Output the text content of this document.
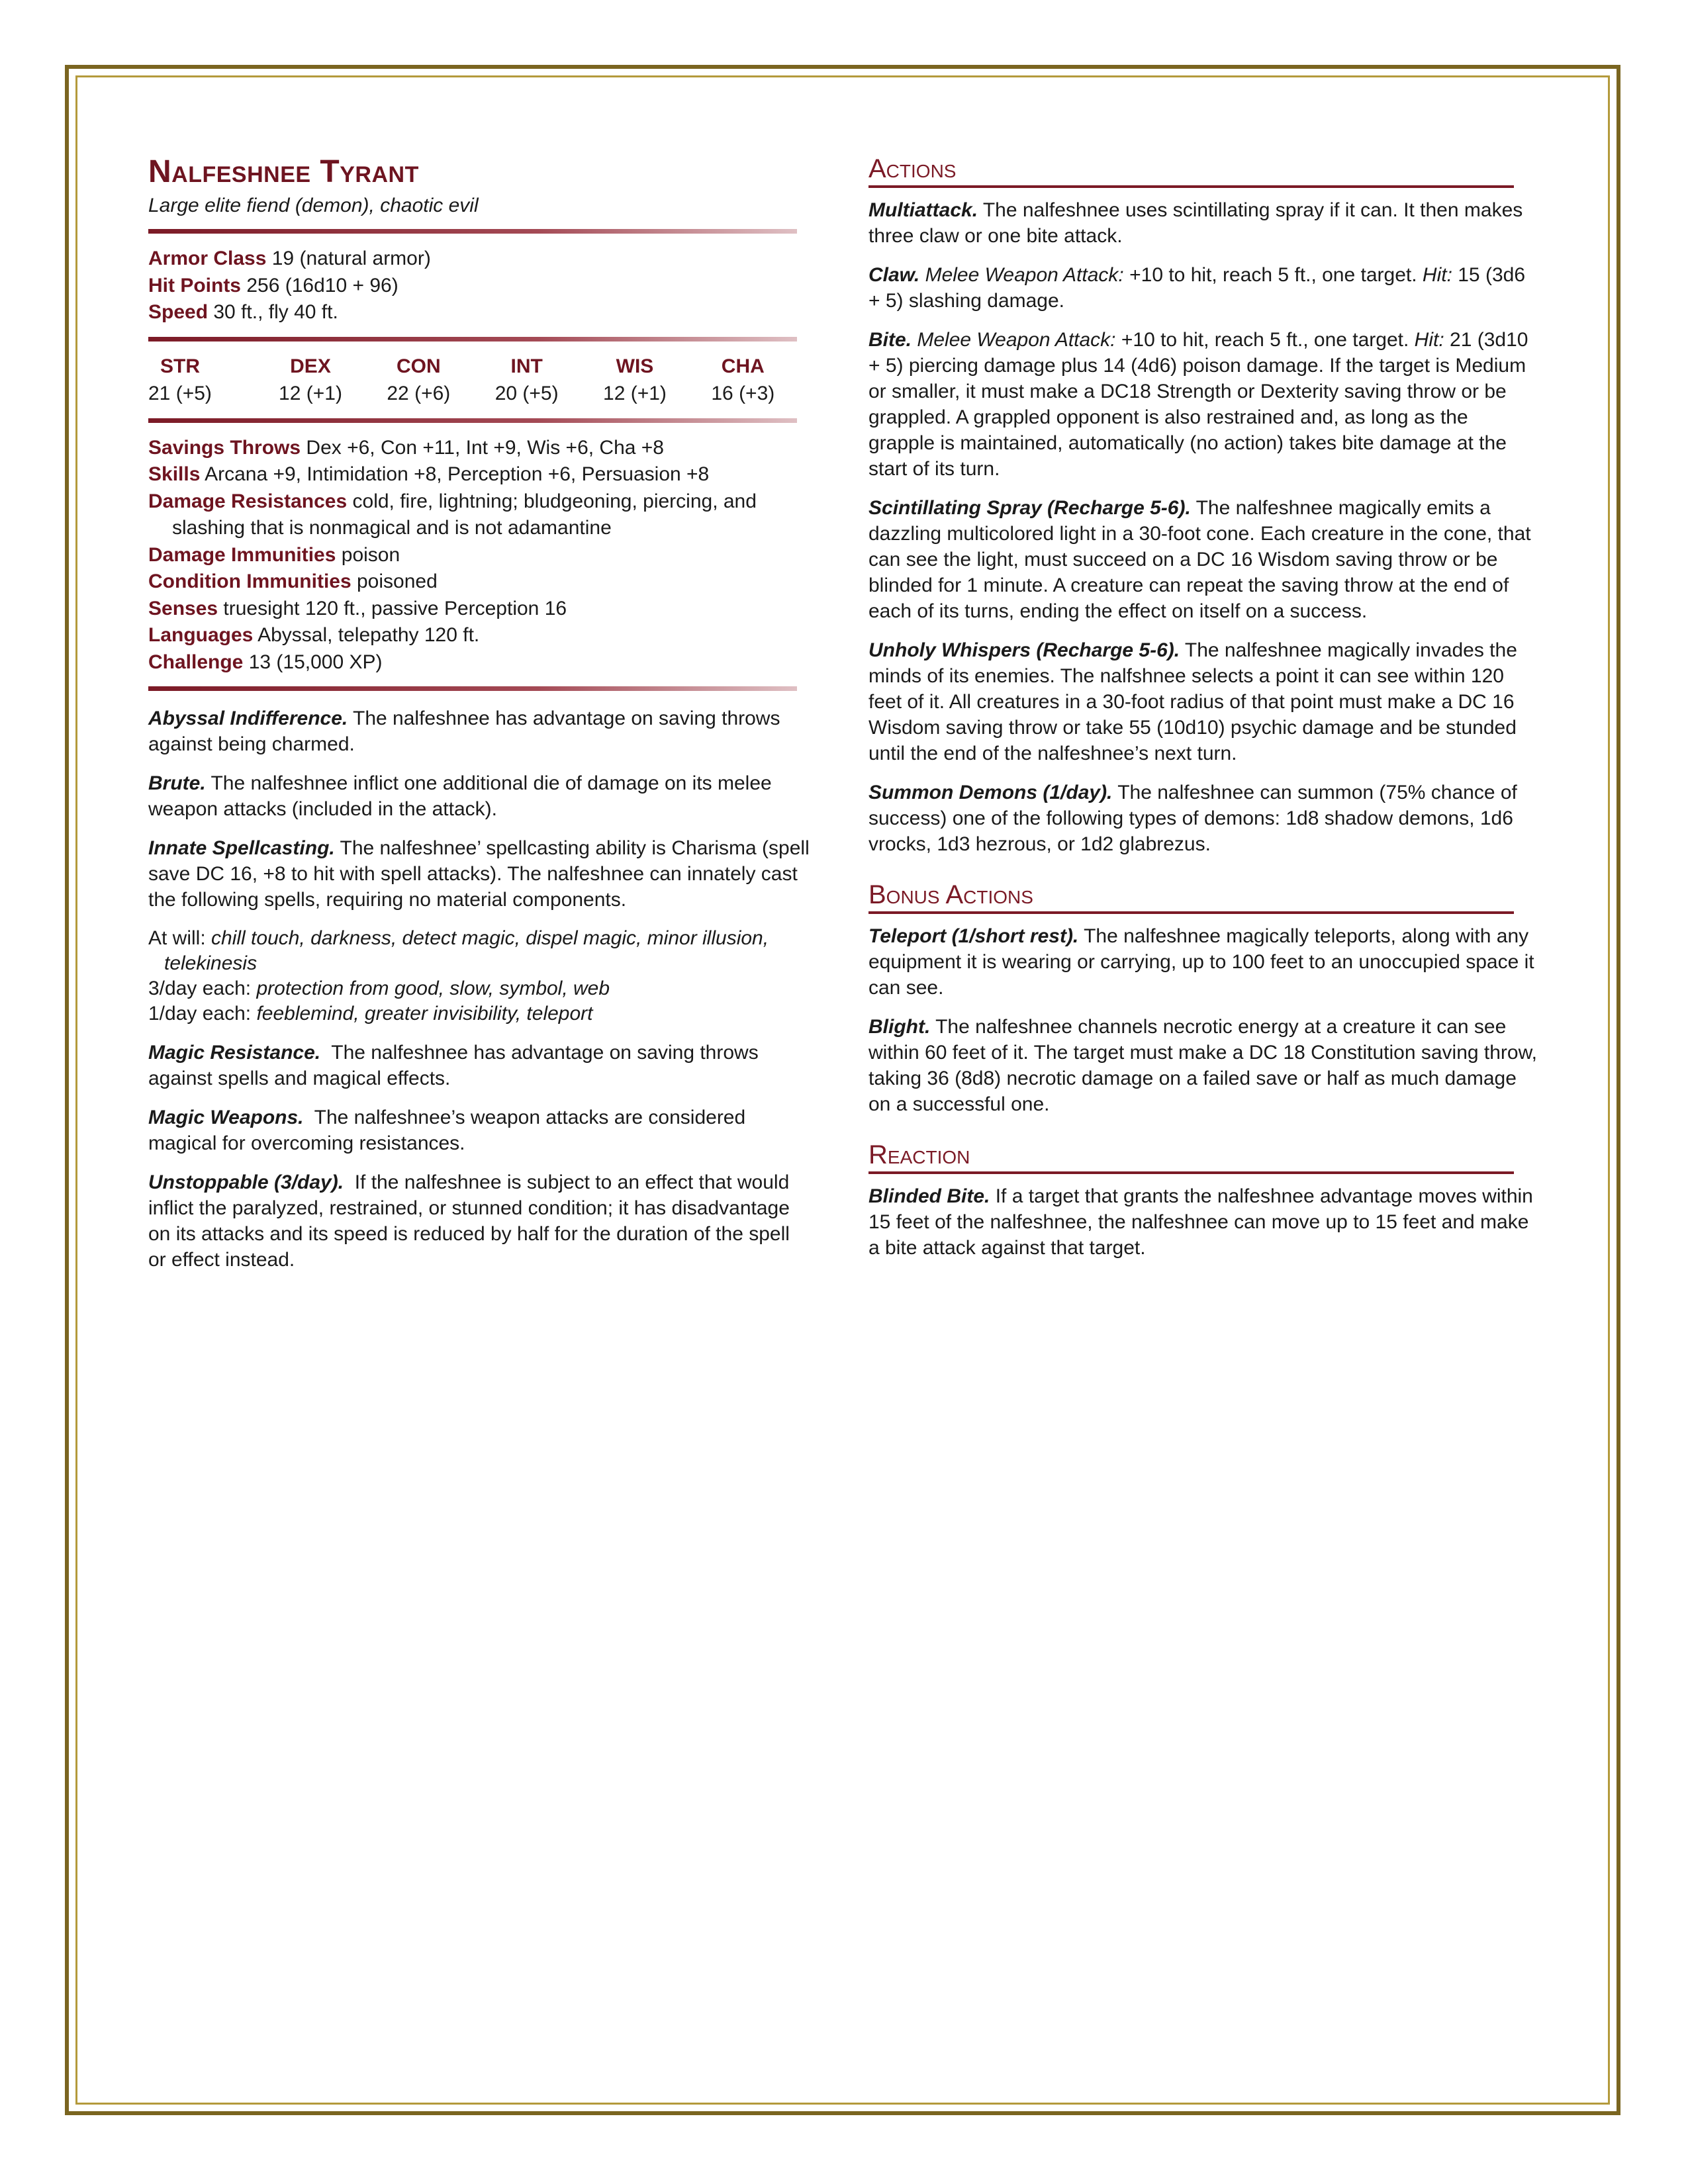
Nalfeshnee Tyrant

Large elite fiend (demon), chaotic evil

Armor Class 19 (natural armor)

Hit Points 256 (16d10 + 96)

Speed 30 ft., fly 40 ft.

STR
21 (+5)
DEX
12 (+1)
CON
22 (+6)
INT
20 (+5)
WIS
12 (+1)
CHA
16 (+3)

Savings Throws Dex +6, Con +11, Int +9, Wis +6, Cha +8

Skills Arcana +9, Intimidation +8, Perception +6, Persuasion +8

Damage Resistances cold, fire, lightning; bludgeoning, piercing, and slashing that is nonmagical and is not adamantine

Damage Immunities poison

Condition Immunities poisoned

Senses truesight 120 ft., passive Perception 16

Languages Abyssal, telepathy 120 ft.

Challenge 13 (15,000 XP)

Abyssal Indifference. The nalfeshnee has advantage on saving throws against being charmed.

Brute. The nalfeshnee inflict one additional die of damage on its melee weapon attacks (included in the attack).

Innate Spellcasting. The nalfeshnee’ spellcasting ability is Charisma (spell save DC 16, +8 to hit with spell attacks). The nalfeshnee can innately cast the following spells, requiring no material components.

At will: chill touch, darkness, detect magic, dispel magic, minor illusion, telekinesis

3/day each: protection from good, slow, symbol, web

1/day each: feeblemind, greater invisibility, teleport

Magic Resistance. The nalfeshnee has advantage on saving throws against spells and magical effects.

Magic Weapons. The nalfeshnee’s weapon attacks are considered magical for overcoming resistances.

Unstoppable (3/day). If the nalfeshnee is subject to an effect that would inflict the paralyzed, restrained, or stunned condition; it has disadvantage on its attacks and its speed is reduced by half for the duration of the spell or effect instead.

Actions

Multiattack. The nalfeshnee uses scintillating spray if it can. It then makes three claw or one bite attack.

Claw. Melee Weapon Attack: +10 to hit, reach 5 ft., one target. Hit: 15 (3d6 + 5) slashing damage.

Bite. Melee Weapon Attack: +10 to hit, reach 5 ft., one target. Hit: 21 (3d10 + 5) piercing damage plus 14 (4d6) poison damage. If the target is Medium or smaller, it must make a DC18 Strength or Dexterity saving throw or be grappled. A grappled opponent is also restrained and, as long as the grapple is maintained, automatically (no action) takes bite damage at the start of its turn.

Scintillating Spray (Recharge 5-6). The nalfeshnee magically emits a dazzling multicolored light in a 30-foot cone. Each creature in the cone, that can see the light, must succeed on a DC 16 Wisdom saving throw or be blinded for 1 minute. A creature can repeat the saving throw at the end of each of its turns, ending the effect on itself on a success.

Unholy Whispers (Recharge 5-6). The nalfeshnee magically invades the minds of its enemies. The nalfshnee selects a point it can see within 120 feet of it. All creatures in a 30-foot radius of that point must make a DC 16 Wisdom saving throw or take 55 (10d10) psychic damage and be stunded until the end of the nalfeshnee’s next turn.

Summon Demons (1/day). The nalfeshnee can summon (75% chance of success) one of the following types of demons: 1d8 shadow demons, 1d6 vrocks, 1d3 hezrous, or 1d2 glabrezus.

Bonus Actions

Teleport (1/short rest). The nalfeshnee magically teleports, along with any equipment it is wearing or carrying, up to 100 feet to an unoccupied space it can see.

Blight. The nalfeshnee channels necrotic energy at a creature it can see within 60 feet of it. The target must make a DC 18 Constitution saving throw, taking 36 (8d8) necrotic damage on a failed save or half as much damage on a successful one.

Reaction

Blinded Bite. If a target that grants the nalfeshnee advantage moves within 15 feet of the nalfeshnee, the nalfeshnee can move up to 15 feet and make a bite attack against that target.
